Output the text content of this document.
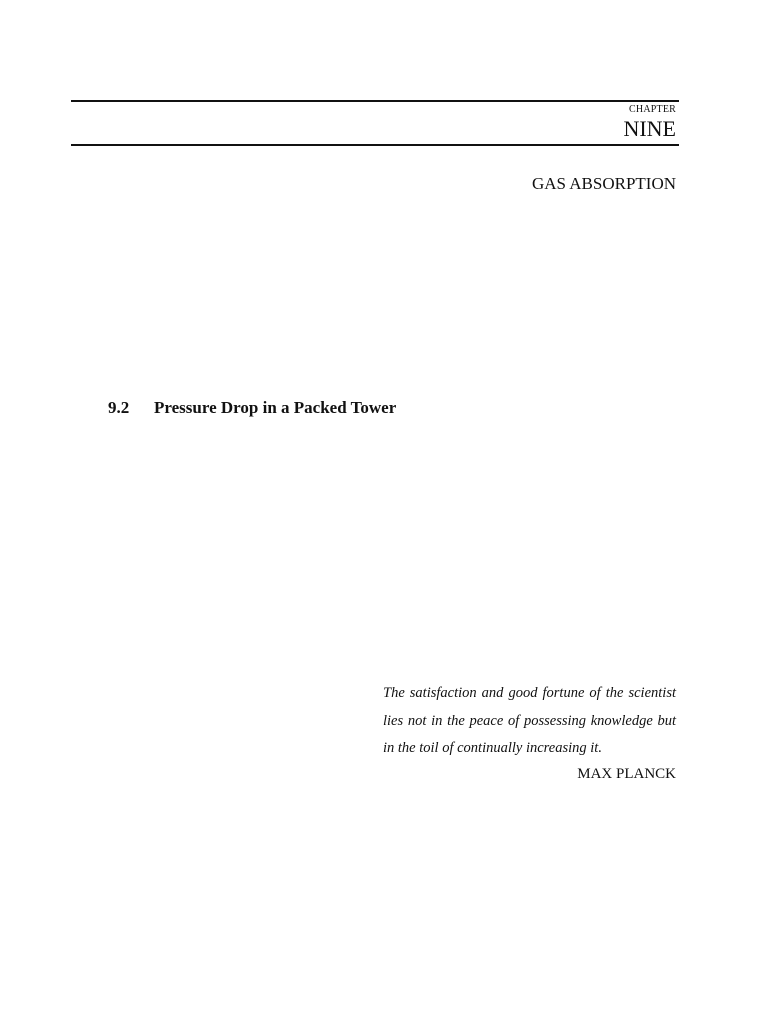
CHAPTER
NINE
GAS ABSORPTION
9.2	Pressure Drop in a Packed Tower

The satisfaction and good fortune of the scientist lies not in the peace of possessing knowledge but in the toil of continually increasing it.

MAX PLANCK
